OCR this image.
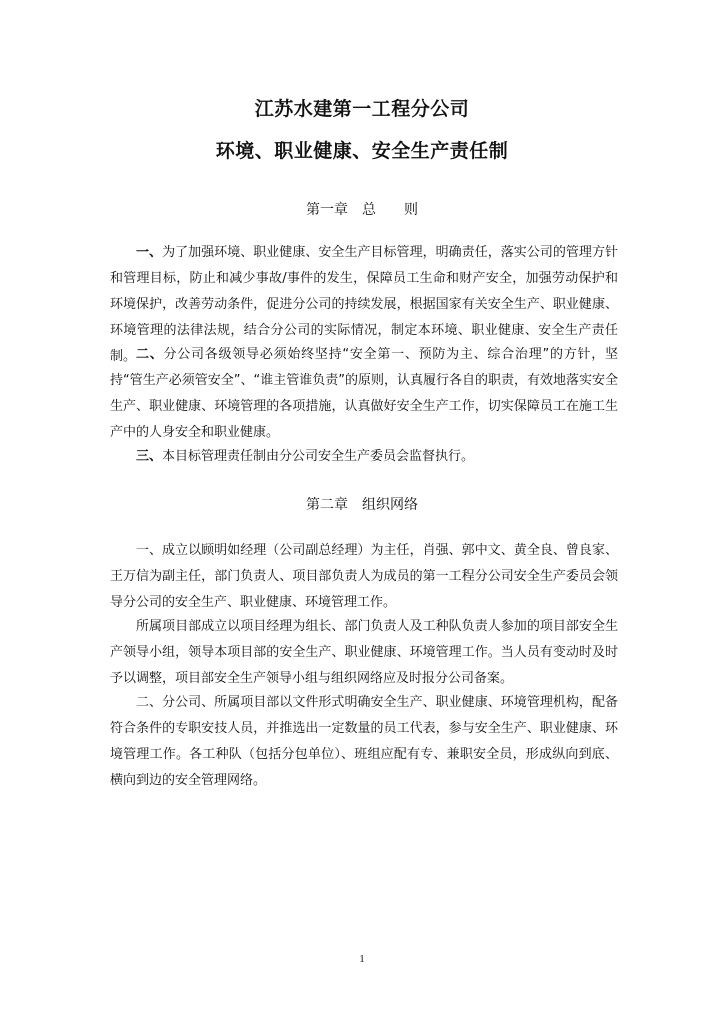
江苏水建第一工程分公司
环境、职业健康、安全生产责任制
第一章　总　　则

一、为了加强环境、职业健康、安全生产目标管理，明确责任，落实公司的管理方针和管理目标，防止和减少事故/事件的发生，保障员工生命和财产安全，加强劳动保护和环境保护，改善劳动条件，促进分公司的持续发展，根据国家有关安全生产、职业健康、环境管理的法律法规，结合分公司的实际情况，制定本环境、职业健康、安全生产责任制。 二、分公司各级领导必须始终坚持“安全第一、预防为主、综合治理”的方针，坚持“管生产必须管安全”、“谁主管谁负责”的原则，认真履行各自的职责，有效地落实安全生产、职业健康、环境管理的各项措施，认真做好安全生产工作，切实保障员工在施工生产中的人身安全和职业健康。

三、本目标管理责任制由分公司安全生产委员会监督执行。

第二章　组织网络

一、成立以顾明如经理（公司副总经理）为主任，肖强、郭中文、黄全良、曾良家、王万信为副主任，部门负责人、项目部负责人为成员的第一工程分公司安全生产委员会领导分公司的安全生产、职业健康、环境管理工作。

所属项目部成立以项目经理为组长、部门负责人及工种队负责人参加的项目部安全生产领导小组，领导本项目部的安全生产、职业健康、环境管理工作。当人员有变动时及时予以调整，项目部安全生产领导小组与组织网络应及时报分公司备案。

二、分公司、所属项目部以文件形式明确安全生产、职业健康、环境管理机构，配备符合条件的专职安技人员，并推选出一定数量的员工代表，参与安全生产、职业健康、环境管理工作。各工种队（包括分包单位）、班组应配有专、兼职安全员，形成纵向到底、横向到边的安全管理网络。

1
